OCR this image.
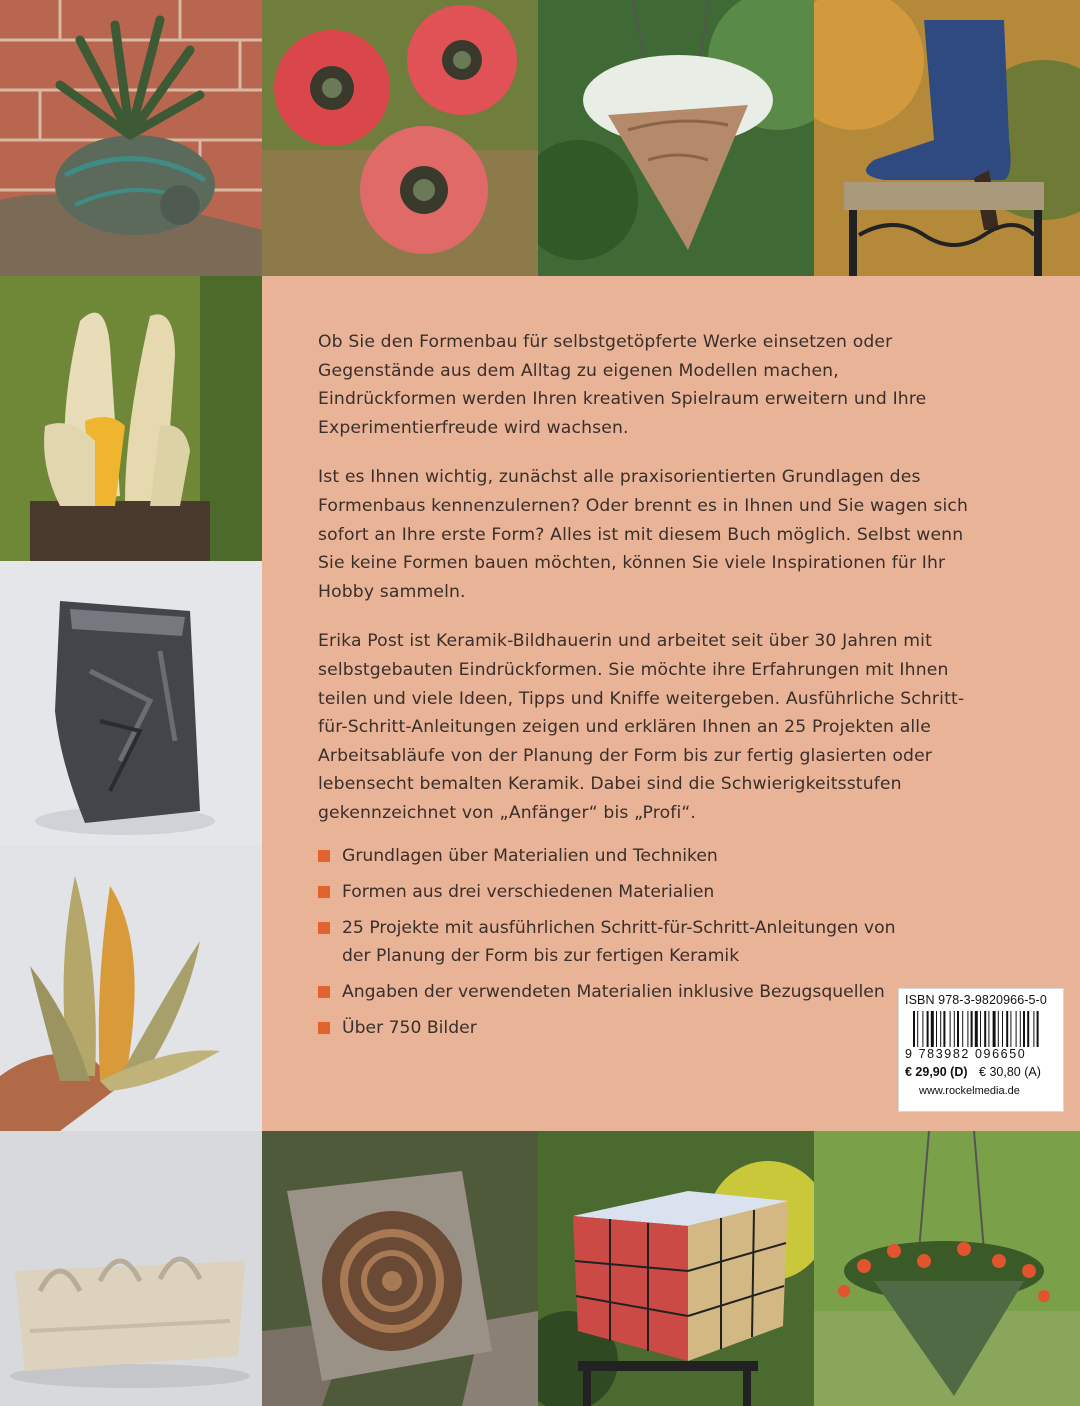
Ob Sie den Formenbau für selbstgetöpferte Werke einsetzen oder Gegenstände aus dem Alltag zu eigenen Modellen machen, Eindrückformen werden Ihren kreativen Spielraum erweitern und Ihre Experimentierfreude wird wachsen.

Ist es Ihnen wichtig, zunächst alle praxisorientierten Grundlagen des Formenbaus kennenzulernen? Oder brennt es in Ihnen und Sie wagen sich sofort an Ihre erste Form? Alles ist mit diesem Buch möglich. Selbst wenn Sie keine Formen bauen möchten, können Sie viele Inspirationen für Ihr Hobby sammeln.

Erika Post ist Keramik-Bildhauerin und arbeitet seit über 30 Jahren mit selbstgebauten Eindrückformen. Sie möchte ihre Erfahrungen mit Ihnen teilen und viele Ideen, Tipps und Kniffe weitergeben. Ausführliche Schritt-für-Schritt-Anleitungen zeigen und erklären Ihnen an 25 Projekten alle Arbeitsabläufe von der Planung der Form bis zur fertig glasierten oder lebensecht bemalten Keramik. Dabei sind die Schwierigkeitsstufen gekennzeichnet von „Anfänger“ bis „Profi“.

Grundlagen über Materialien und Techniken
Formen aus drei verschiedenen Materialien
25 Projekte mit ausführlichen Schritt-für-Schritt-Anleitungen von der Planung der Form bis zur fertigen Keramik
Angaben der verwendeten Materialien inklusive Bezugsquellen
Über 750 Bilder
ISBN 978-3-9820966-5-0
9 783982 096650
€ 29,90 (D) € 30,80 (A)
www.rockelmedia.de
